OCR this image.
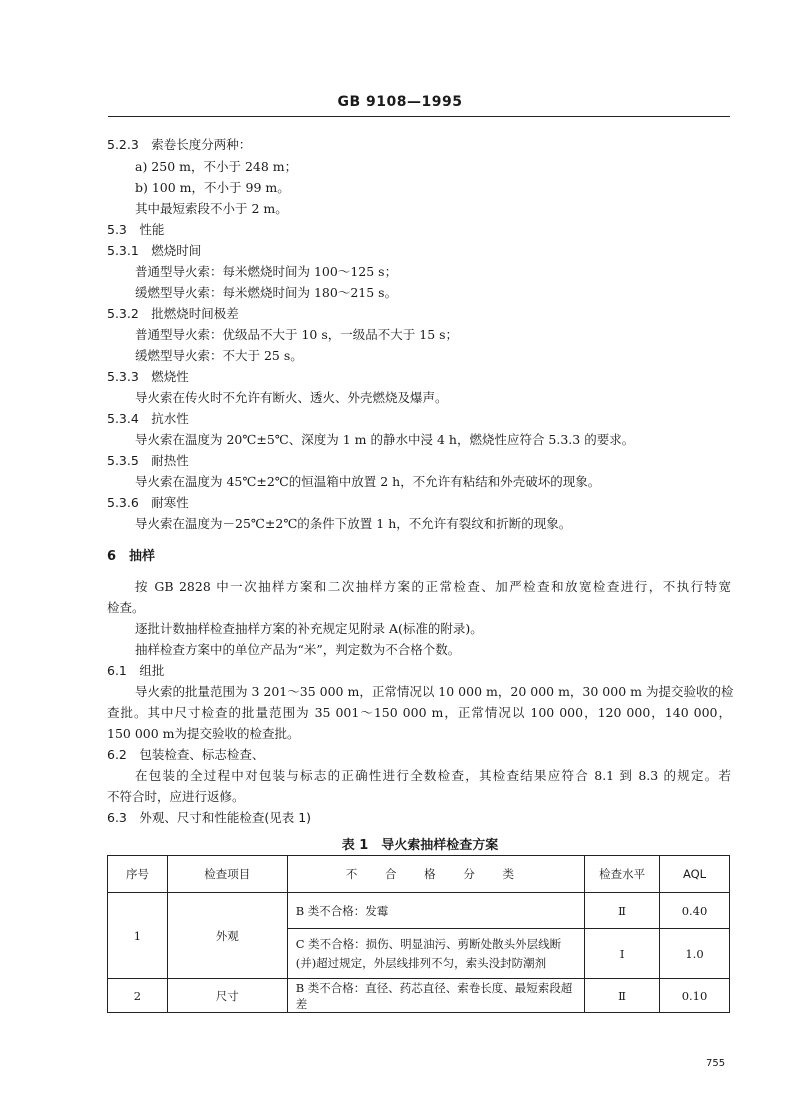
GB 9108—1995
5.2.3　索卷长度分两种：
a) 250 m，不小于 248 m；
b) 100 m，不小于 99 m。
其中最短索段不小于 2 m。
5.3　性能
5.3.1　燃烧时间
普通型导火索：每米燃烧时间为 100～125 s；
缓燃型导火索：每米燃烧时间为 180～215 s。
5.3.2　批燃烧时间极差
普通型导火索：优级品不大于 10 s，一级品不大于 15 s；
缓燃型导火索：不大于 25 s。
5.3.3　燃烧性
导火索在传火时不允许有断火、透火、外壳燃烧及爆声。
5.3.4　抗水性
导火索在温度为 20℃±5℃、深度为 1 m 的静水中浸 4 h，燃烧性应符合 5.3.3 的要求。
5.3.5　耐热性
导火索在温度为 45℃±2℃的恒温箱中放置 2 h，不允许有粘结和外壳破坏的现象。
5.3.6　耐寒性
导火索在温度为－25℃±2℃的条件下放置 1 h，不允许有裂纹和折断的现象。
6　抽样
按 GB 2828 中一次抽样方案和二次抽样方案的正常检查、加严检查和放宽检查进行，不执行特宽
检查。
逐批计数抽样检查抽样方案的补充规定见附录 A(标准的附录)。
抽样检查方案中的单位产品为“米”，判定数为不合格个数。
6.1　组批
导火索的批量范围为 3 201～35 000 m，正常情况以 10 000 m，20 000 m，30 000 m 为提交验收的检
查批。其中尺寸检查的批量范围为 35 001～150 000 m，正常情况以 100 000，120 000，140 000，
150 000 m为提交验收的检查批。
6.2　包装检查、标志检查、
在包装的全过程中对包装与标志的正确性进行全数检查，其检查结果应符合 8.1 到 8.3 的规定。若
不符合时，应进行返修。
6.3　外观、尺寸和性能检查(见表 1)
表 1　导火索抽样检查方案
序号	检查项目	不 合 格 分 类	检查水平	AQL
1	外观	B 类不合格：发霉	Ⅱ	0.40
		C 类不合格：损伤、明显油污、剪断处散头外层线断(并)超过规定，外层线排列不匀，索头没封防潮剂	Ⅰ	1.0
2	尺寸	B 类不合格：直径、药芯直径、索卷长度、最短索段超差	Ⅱ	0.10
755
